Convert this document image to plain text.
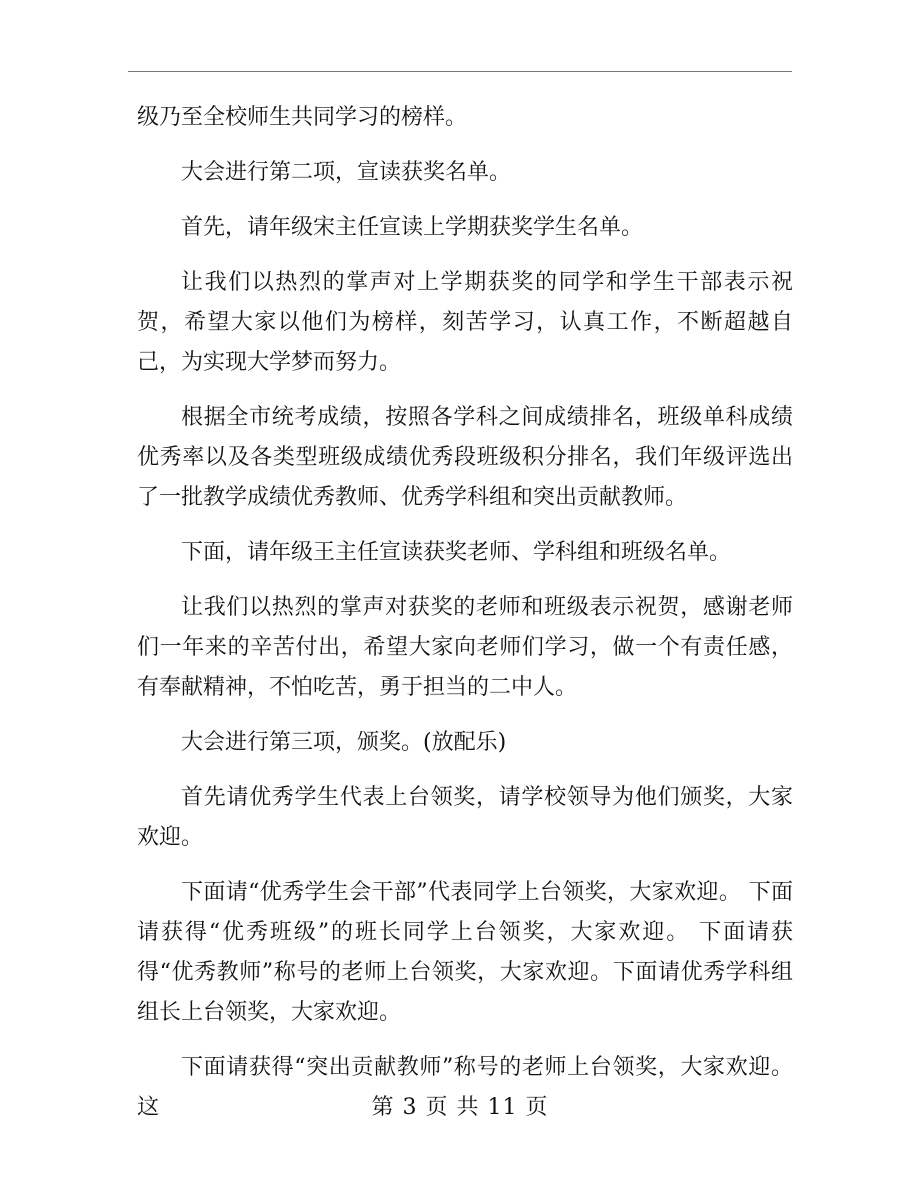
级乃至全校师生共同学习的榜样。

大会进行第二项，宣读获奖名单。

首先，请年级宋主任宣读上学期获奖学生名单。

让我们以热烈的掌声对上学期获奖的同学和学生干部表示祝贺，希望大家以他们为榜样，刻苦学习，认真工作，不断超越自己，为实现大学梦而努力。

根据全市统考成绩，按照各学科之间成绩排名，班级单科成绩优秀率以及各类型班级成绩优秀段班级积分排名，我们年级评选出了一批教学成绩优秀教师、优秀学科组和突出贡献教师。

下面，请年级王主任宣读获奖老师、学科组和班级名单。

让我们以热烈的掌声对获奖的老师和班级表示祝贺，感谢老师们一年来的辛苦付出，希望大家向老师们学习，做一个有责任感，有奉献精神，不怕吃苦，勇于担当的二中人。

大会进行第三项，颁奖。(放配乐)

首先请优秀学生代表上台领奖，请学校领导为他们颁奖，大家欢迎。

下面请“优秀学生会干部”代表同学上台领奖，大家欢迎。 下面请获得“优秀班级”的班长同学上台领奖，大家欢迎。 下面请获得“优秀教师”称号的老师上台领奖，大家欢迎。下面请优秀学科组组长上台领奖，大家欢迎。

下面请获得“突出贡献教师”称号的老师上台领奖，大家欢迎。这	第 3 页 共 11 页
